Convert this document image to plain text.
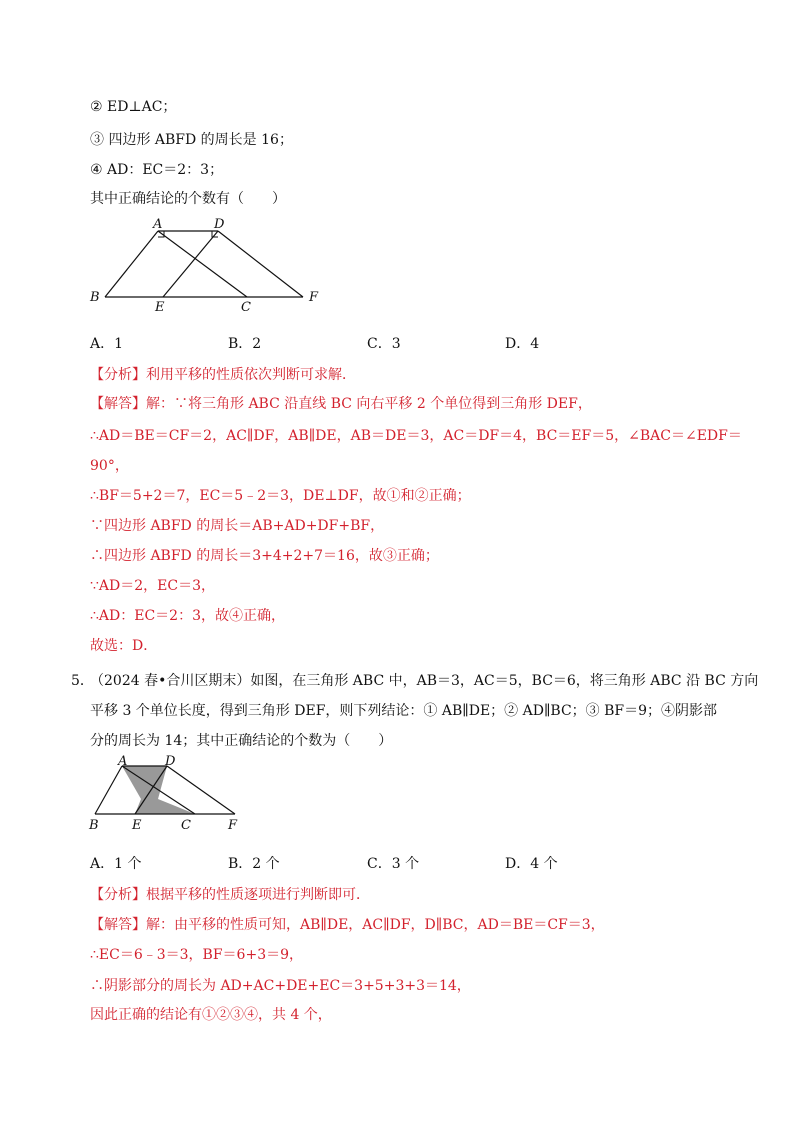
② ED⊥AC；
③ 四边形 ABFD 的周长是 16；
④ AD：EC＝2：3；
其中正确结论的个数有（　　）
A	D
B
E	C
F
A．1	B．2	C．3	D．4
【分析】利用平移的性质依次判断可求解．
【解答】解：∵将三角形 ABC 沿直线 BC 向右平移 2 个单位得到三角形 DEF，
∴AD＝BE＝CF＝2，AC∥DF，AB∥DE，AB＝DE＝3，AC＝DF＝4，BC＝EF＝5，∠BAC＝∠EDF＝
90°，
∴BF＝5+2＝7，EC＝5﹣2＝3，DE⊥DF，故①和②正确；
∵四边形 ABFD 的周长＝AB+AD+DF+BF，
∴四边形 ABFD 的周长＝3+4+2+7＝16，故③正确；
∵AD＝2，EC＝3，
∴AD：EC＝2：3，故④正确，
故选：D．
5．
（2024 春•合川区期末）如图，在三角形 ABC 中，AB＝3，AC＝5，BC＝6，将三角形 ABC 沿 BC 方向
平移 3 个单位长度，得到三角形 DEF，则下列结论：① AB∥DE；② AD∥BC；③ BF＝9；④阴影部
分的周长为 14；其中正确结论的个数为（　　）
A	D
B	E	C	F
A．1 个	B．2 个	C．3 个	D．4 个
【分析】根据平移的性质逐项进行判断即可．
【解答】解：由平移的性质可知，AB∥DE，AC∥DF，D∥BC，AD＝BE＝CF＝3，
∴EC＝6﹣3＝3，BF＝6+3＝9，
∴阴影部分的周长为 AD+AC+DE+EC＝3+5+3+3＝14，
因此正确的结论有①②③④，共 4 个，
